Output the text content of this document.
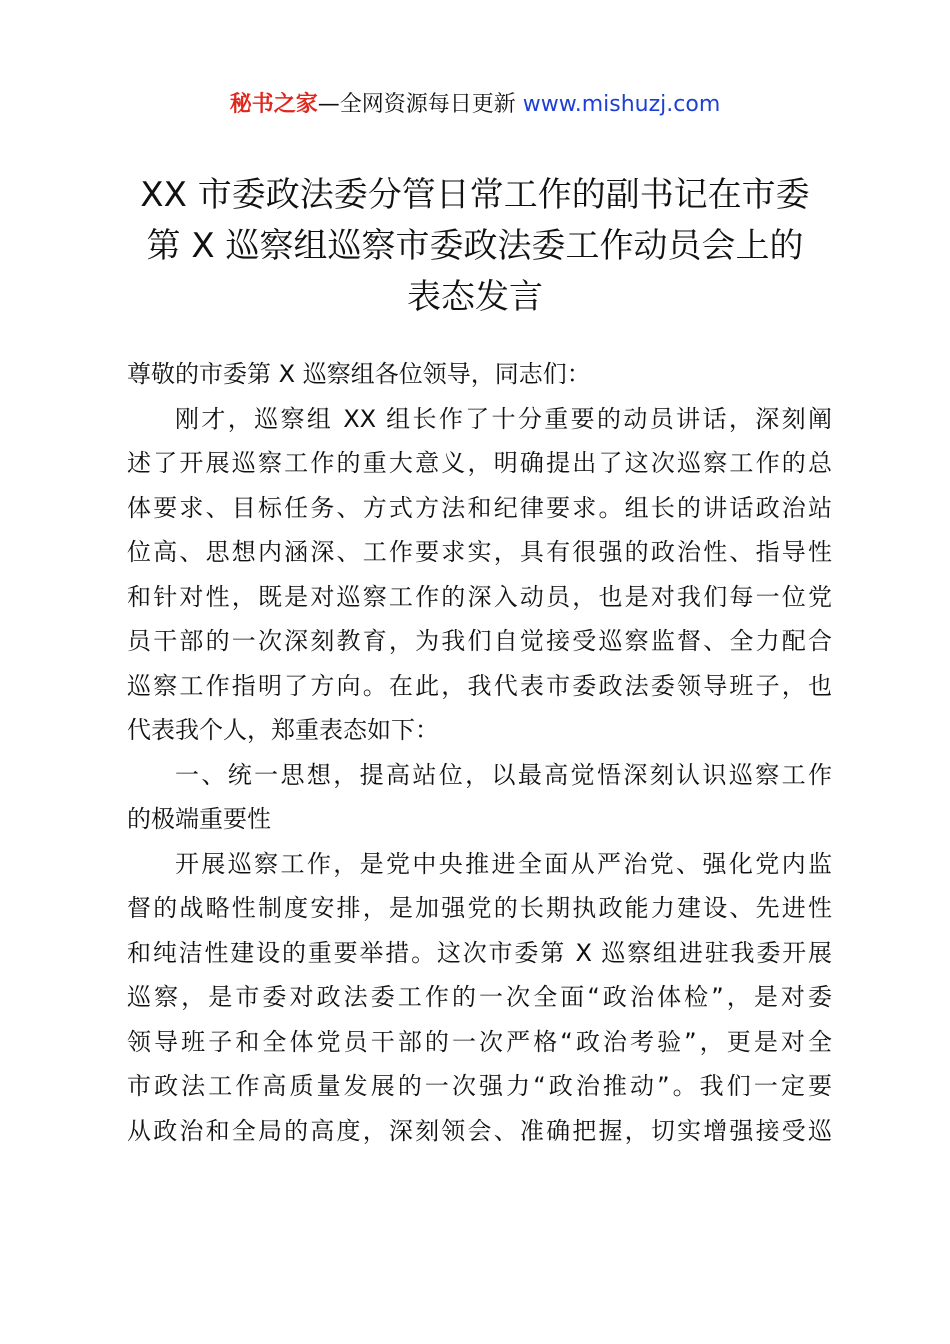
秘书之家—全网资源每日更新 www.mishuzj.com
XX 市委政法委分管日常工作的副书记在市委
第 X 巡察组巡察市委政法委工作动员会上的
表态发言
尊敬的市委第 X 巡察组各位领导，同志们：
刚才，巡察组 XX 组长作了十分重要的动员讲话，深刻阐
述了开展巡察工作的重大意义，明确提出了这次巡察工作的总
体要求、目标任务、方式方法和纪律要求。组长的讲话政治站
位高、思想内涵深、工作要求实，具有很强的政治性、指导性
和针对性，既是对巡察工作的深入动员，也是对我们每一位党
员干部的一次深刻教育，为我们自觉接受巡察监督、全力配合
巡察工作指明了方向。在此，我代表市委政法委领导班子，也
代表我个人，郑重表态如下：
一、统一思想，提高站位，以最高觉悟深刻认识巡察工作
的极端重要性
开展巡察工作，是党中央推进全面从严治党、强化党内监
督的战略性制度安排，是加强党的长期执政能力建设、先进性
和纯洁性建设的重要举措。这次市委第 X 巡察组进驻我委开展
巡察，是市委对政法委工作的一次全面“政治体检”，是对委
领导班子和全体党员干部的一次严格“政治考验”，更是对全
市政法工作高质量发展的一次强力“政治推动”。我们一定要
从政治和全局的高度，深刻领会、准确把握，切实增强接受巡
